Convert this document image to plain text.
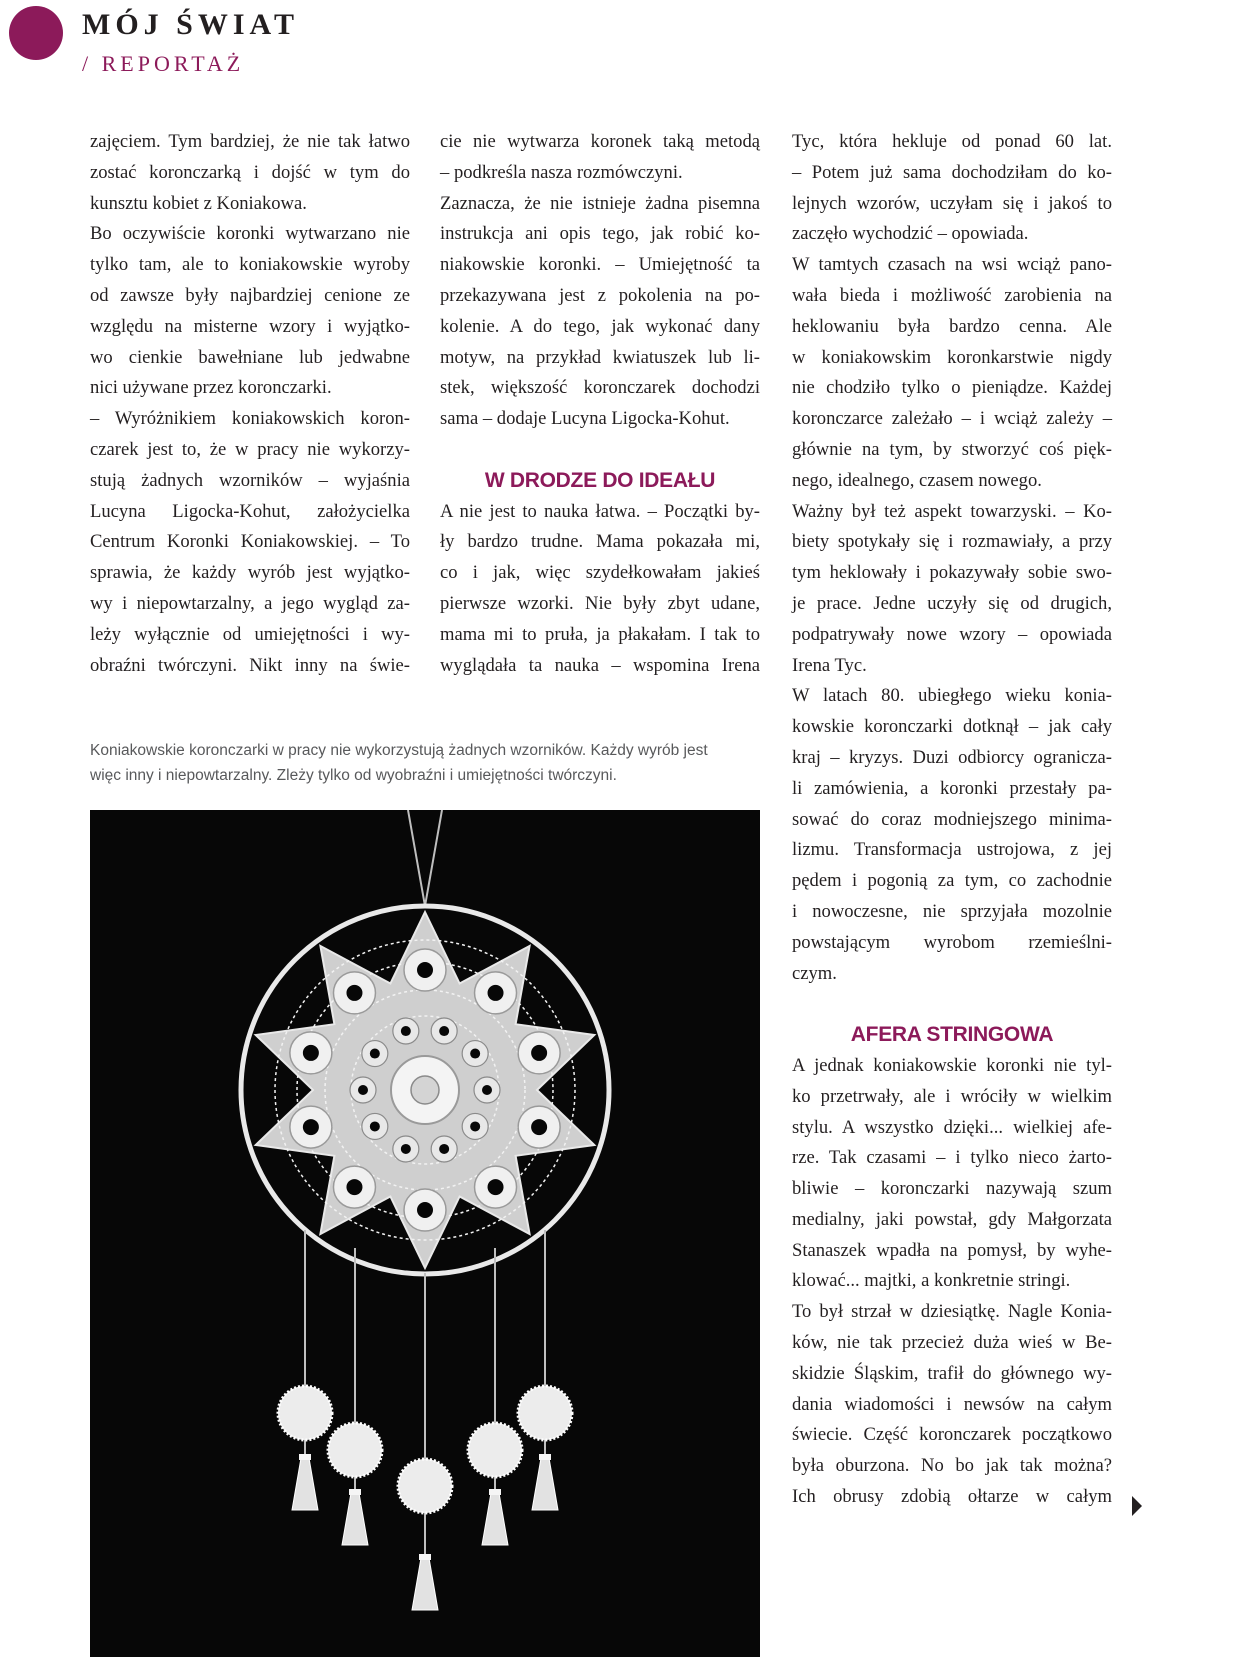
MÓJ ŚWIAT
/ REPORTAŻ
zajęciem. Tym bardziej, że nie tak łatwo
zostać koronczarką i dojść w tym do
kunsztu kobiet z Koniakowa.
Bo oczywiście koronki wytwarzano nie
tylko tam, ale to koniakowskie wyroby
od zawsze były najbardziej cenione ze
względu na misterne wzory i wyjątko-
wo cienkie bawełniane lub jedwabne
nici używane przez koronczarki.
– Wyróżnikiem koniakowskich koron-
czarek jest to, że w pracy nie wykorzy-
stują żadnych wzorników – wyjaśnia
Lucyna Ligocka-Kohut, założycielka
Centrum Koronki Koniakowskiej. – To
sprawia, że każdy wyrób jest wyjątko-
wy i niepowtarzalny, a jego wygląd za-
leży wyłącznie od umiejętności i wy-
obraźni twórczyni. Nikt inny na świe-
cie nie wytwarza koronek taką metodą
– podkreśla nasza rozmówczyni.
Zaznacza, że nie istnieje żadna pisemna
instrukcja ani opis tego, jak robić ko-
niakowskie koronki. – Umiejętność ta
przekazywana jest z pokolenia na po-
kolenie. A do tego, jak wykonać dany
motyw, na przykład kwiatuszek lub li-
stek, większość koronczarek dochodzi
sama – dodaje Lucyna Ligocka-Kohut.
W DRODZE DO IDEAŁU
A nie jest to nauka łatwa. – Początki by-
ły bardzo trudne. Mama pokazała mi,
co i jak, więc szydełkowałam jakieś
pierwsze wzorki. Nie były zbyt udane,
mama mi to pruła, ja płakałam. I tak to
wyglądała ta nauka – wspomina Irena
Tyc, która hekluje od ponad 60 lat.
– Potem już sama dochodziłam do ko-
lejnych wzorów, uczyłam się i jakoś to
zaczęło wychodzić – opowiada.
W tamtych czasach na wsi wciąż pano-
wała bieda i możliwość zarobienia na
heklowaniu była bardzo cenna. Ale
w koniakowskim koronkarstwie nigdy
nie chodziło tylko o pieniądze. Każdej
koronczarce zależało – i wciąż zależy –
głównie na tym, by stworzyć coś pięk-
nego, idealnego, czasem nowego.
Ważny był też aspekt towarzyski. – Ko-
biety spotykały się i rozmawiały, a przy
tym heklowały i pokazywały sobie swo-
je prace. Jedne uczyły się od drugich,
podpatrywały nowe wzory – opowiada
Irena Tyc.
W latach 80. ubiegłego wieku konia-
kowskie koronczarki dotknął – jak cały
kraj – kryzys. Duzi odbiorcy ogranicza-
li zamówienia, a koronki przestały pa-
sować do coraz modniejszego minima-
lizmu. Transformacja ustrojowa, z jej
pędem i pogonią za tym, co zachodnie
i nowoczesne, nie sprzyjała mozolnie
powstającym wyrobom rzemieślni-
czym.
AFERA STRINGOWA
A jednak koniakowskie koronki nie tyl-
ko przetrwały, ale i wróciły w wielkim
stylu. A wszystko dzięki... wielkiej afe-
rze. Tak czasami – i tylko nieco żarto-
bliwie – koronczarki nazywają szum
medialny, jaki powstał, gdy Małgorzata
Stanaszek wpadła na pomysł, by wyhe-
klować... majtki, a konkretnie stringi.
To był strzał w dziesiątkę. Nagle Konia-
ków, nie tak przecież duża wieś w Be-
skidzie Śląskim, trafił do głównego wy-
dania wiadomości i newsów na całym
świecie. Część koronczarek początkowo
była oburzona. No bo jak tak można?
Ich obrusy zdobią ołtarze w całym
Koniakowskie koronczarki w pracy nie wykorzystują żadnych wzorników. Każdy wyrób jest
więc inny i niepowtarzalny. Zleży tylko od wyobraźni i umiejętności twórczyni.
